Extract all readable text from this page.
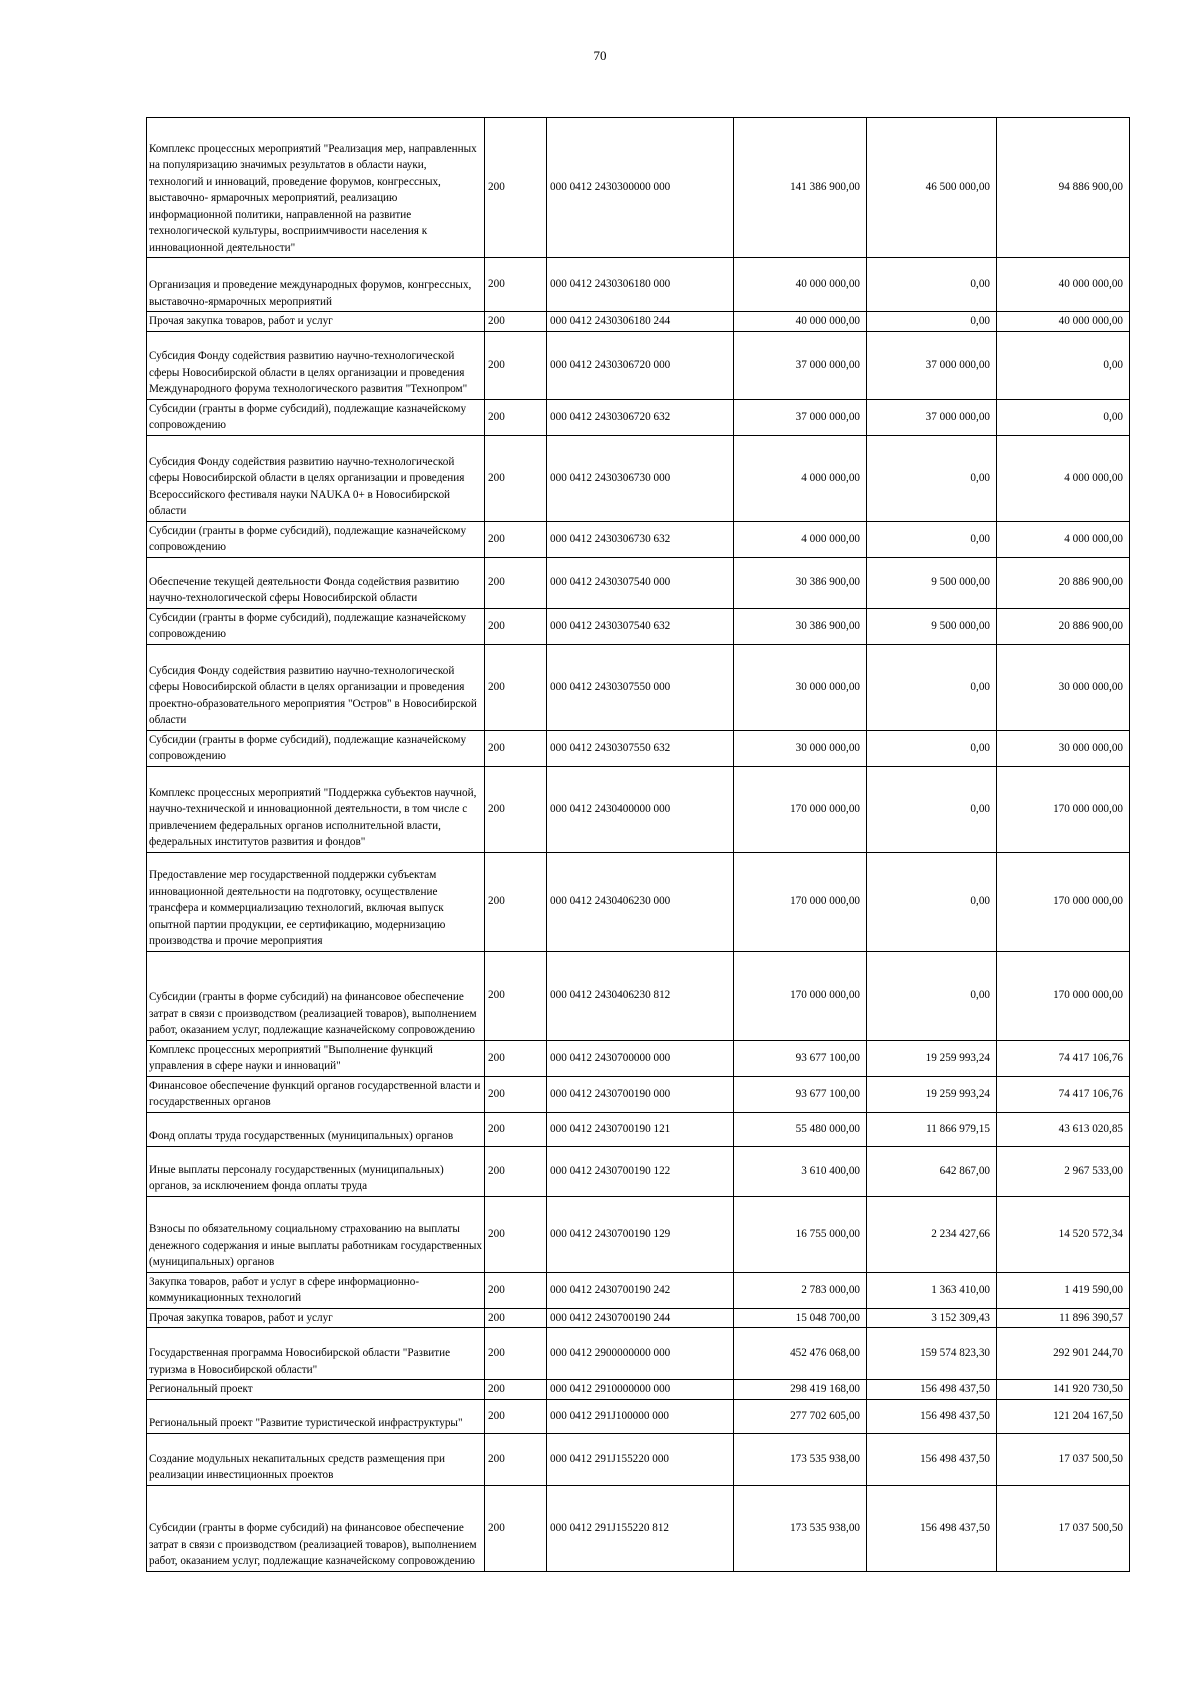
70
Комплекс процессных мероприятий "Реализация мер, направленных на популяризацию значимых результатов в области науки, технологий и инноваций, проведение форумов, конгрессных, выставочно- ярмарочных мероприятий, реализацию информационной политики, направленной на развитие технологической культуры, восприимчивости населения к инновационной деятельности"	200	000 0412 2430300000 000	141 386 900,00	46 500 000,00	94 886 900,00
Организация и проведение международных форумов, конгрессных, выставочно-ярмарочных мероприятий	200	000 0412 2430306180 000	40 000 000,00	0,00	40 000 000,00
Прочая закупка товаров, работ и услуг	200	000 0412 2430306180 244	40 000 000,00	0,00	40 000 000,00
Субсидия Фонду содействия развитию научно-технологической сферы Новосибирской области в целях организации и проведения Международного форума технологического развития "Технопром"	200	000 0412 2430306720 000	37 000 000,00	37 000 000,00	0,00
Субсидии (гранты в форме субсидий), подлежащие казначейскому сопровождению	200	000 0412 2430306720 632	37 000 000,00	37 000 000,00	0,00
Субсидия Фонду содействия развитию научно-технологической сферы Новосибирской области в целях организации и проведения Всероссийского фестиваля науки NAUKA 0+ в Новосибирской области	200	000 0412 2430306730 000	4 000 000,00	0,00	4 000 000,00
Субсидии (гранты в форме субсидий), подлежащие казначейскому сопровождению	200	000 0412 2430306730 632	4 000 000,00	0,00	4 000 000,00
Обеспечение текущей деятельности Фонда содействия развитию научно-технологической сферы Новосибирской области	200	000 0412 2430307540 000	30 386 900,00	9 500 000,00	20 886 900,00
Субсидии (гранты в форме субсидий), подлежащие казначейскому сопровождению	200	000 0412 2430307540 632	30 386 900,00	9 500 000,00	20 886 900,00
Субсидия Фонду содействия развитию научно-технологической сферы Новосибирской области в целях организации и проведения проектно-образовательного мероприятия "Остров" в Новосибирской области	200	000 0412 2430307550 000	30 000 000,00	0,00	30 000 000,00
Субсидии (гранты в форме субсидий), подлежащие казначейскому сопровождению	200	000 0412 2430307550 632	30 000 000,00	0,00	30 000 000,00
Комплекс процессных мероприятий "Поддержка субъектов научной, научно-технической и инновационной деятельности, в том числе с привлечением федеральных органов исполнительной власти, федеральных институтов развития и фондов"	200	000 0412 2430400000 000	170 000 000,00	0,00	170 000 000,00
Предоставление мер государственной поддержки субъектам инновационной деятельности на подготовку, осуществление трансфера и коммерциализацию технологий, включая выпуск опытной партии продукции, ее сертификацию, модернизацию производства и прочие мероприятия	200	000 0412 2430406230 000	170 000 000,00	0,00	170 000 000,00
Субсидии (гранты в форме субсидий) на финансовое обеспечение затрат в связи с производством (реализацией товаров), выполнением работ, оказанием услуг, подлежащие казначейскому сопровождению	200	000 0412 2430406230 812	170 000 000,00	0,00	170 000 000,00
Комплекс процессных мероприятий "Выполнение функций управления в сфере науки и инноваций"	200	000 0412 2430700000 000	93 677 100,00	19 259 993,24	74 417 106,76
Финансовое обеспечение функций органов государственной власти и государственных органов	200	000 0412 2430700190 000	93 677 100,00	19 259 993,24	74 417 106,76
Фонд оплаты труда государственных (муниципальных) органов	200	000 0412 2430700190 121	55 480 000,00	11 866 979,15	43 613 020,85
Иные выплаты персоналу государственных (муниципальных) органов, за исключением фонда оплаты труда	200	000 0412 2430700190 122	3 610 400,00	642 867,00	2 967 533,00
Взносы по обязательному социальному страхованию на выплаты денежного содержания и иные выплаты работникам государственных (муниципальных) органов	200	000 0412 2430700190 129	16 755 000,00	2 234 427,66	14 520 572,34
Закупка товаров, работ и услуг в сфере информационно-коммуникационных технологий	200	000 0412 2430700190 242	2 783 000,00	1 363 410,00	1 419 590,00
Прочая закупка товаров, работ и услуг	200	000 0412 2430700190 244	15 048 700,00	3 152 309,43	11 896 390,57
Государственная программа Новосибирской области "Развитие туризма в Новосибирской области"	200	000 0412 2900000000 000	452 476 068,00	159 574 823,30	292 901 244,70
Региональный проект	200	000 0412 2910000000 000	298 419 168,00	156 498 437,50	141 920 730,50
Региональный проект "Развитие туристической инфраструктуры"	200	000 0412 291J100000 000	277 702 605,00	156 498 437,50	121 204 167,50
Создание модульных некапитальных средств размещения при реализации инвестиционных проектов	200	000 0412 291J155220 000	173 535 938,00	156 498 437,50	17 037 500,50
Субсидии (гранты в форме субсидий) на финансовое обеспечение затрат в связи с производством (реализацией товаров), выполнением работ, оказанием услуг, подлежащие казначейскому сопровождению	200	000 0412 291J155220 812	173 535 938,00	156 498 437,50	17 037 500,50
